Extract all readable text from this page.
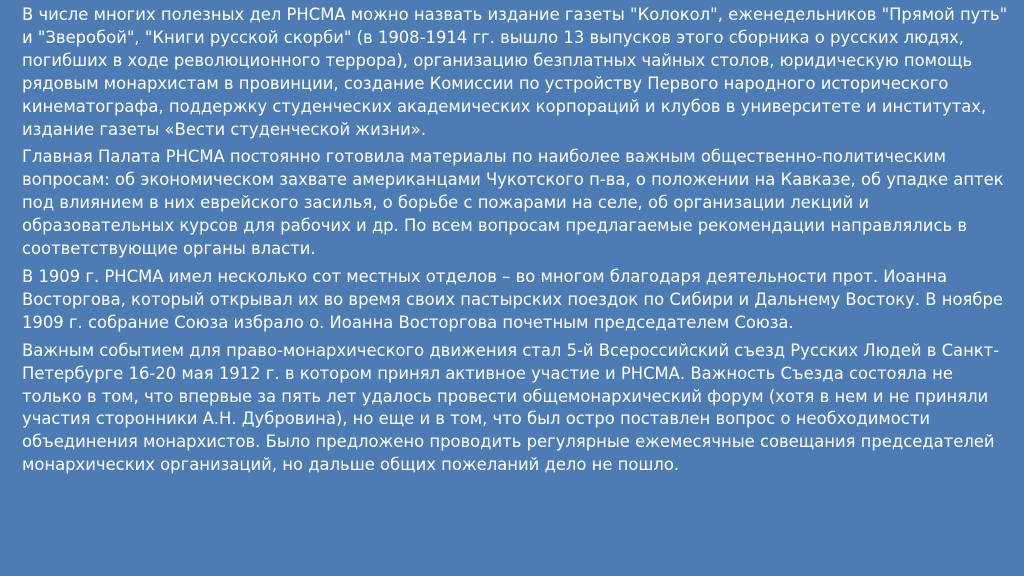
В числе многих полезных дел РНСМА можно назвать издание газеты "Колокол", еженедельников "Прямой путь" и "Зверобой", "Книги русской скорби" (в 1908-1914 гг. вышло 13 выпусков этого сборника о русских людях, погибших в ходе революционного террора), организацию безплатных чайных столов, юридическую помощь рядовым монархистам в провинции, создание Комиссии по устройству Первого народного исторического кинематографа, поддержку студенческих академических корпораций и клубов в университете и институтах, издание газеты «Вести студенческой жизни».

Главная Палата РНСМА постоянно готовила материалы по наиболее важным общественно-политическим вопросам: об экономическом захвате американцами Чукотского п-ва, о положении на Кавказе, об упадке аптек под влиянием в них еврейского засилья, о борьбе с пожарами на селе, об организации лекций и образовательных курсов для рабочих и др. По всем вопросам предлагаемые рекомендации направлялись в соответствующие органы власти.

В 1909 г. РНСМА имел несколько сот местных отделов – во многом благодаря деятельности прот. Иоанна Восторгова, который открывал их во время своих пастырских поездок по Сибири и Дальнему Востоку. В ноябре 1909 г. собрание Союза избрало о. Иоанна Восторгова почетным председателем Союза.

Важным событием для право-монархического движения стал 5-й Всероссийский съезд Русских Людей в Санкт-Петербурге 16-20 мая 1912 г. в котором принял активное участие и РНСМА. Важность Съезда состояла не только в том, что впервые за пять лет удалось провести общемонархический форум (хотя в нем и не приняли участия сторонники А.Н. Дубровина), но еще и в том, что был остро поставлен вопрос о необходимости объединения монархистов. Было предложено проводить регулярные ежемесячные совещания председателей монархических организаций, но дальше общих пожеланий дело не пошло.
